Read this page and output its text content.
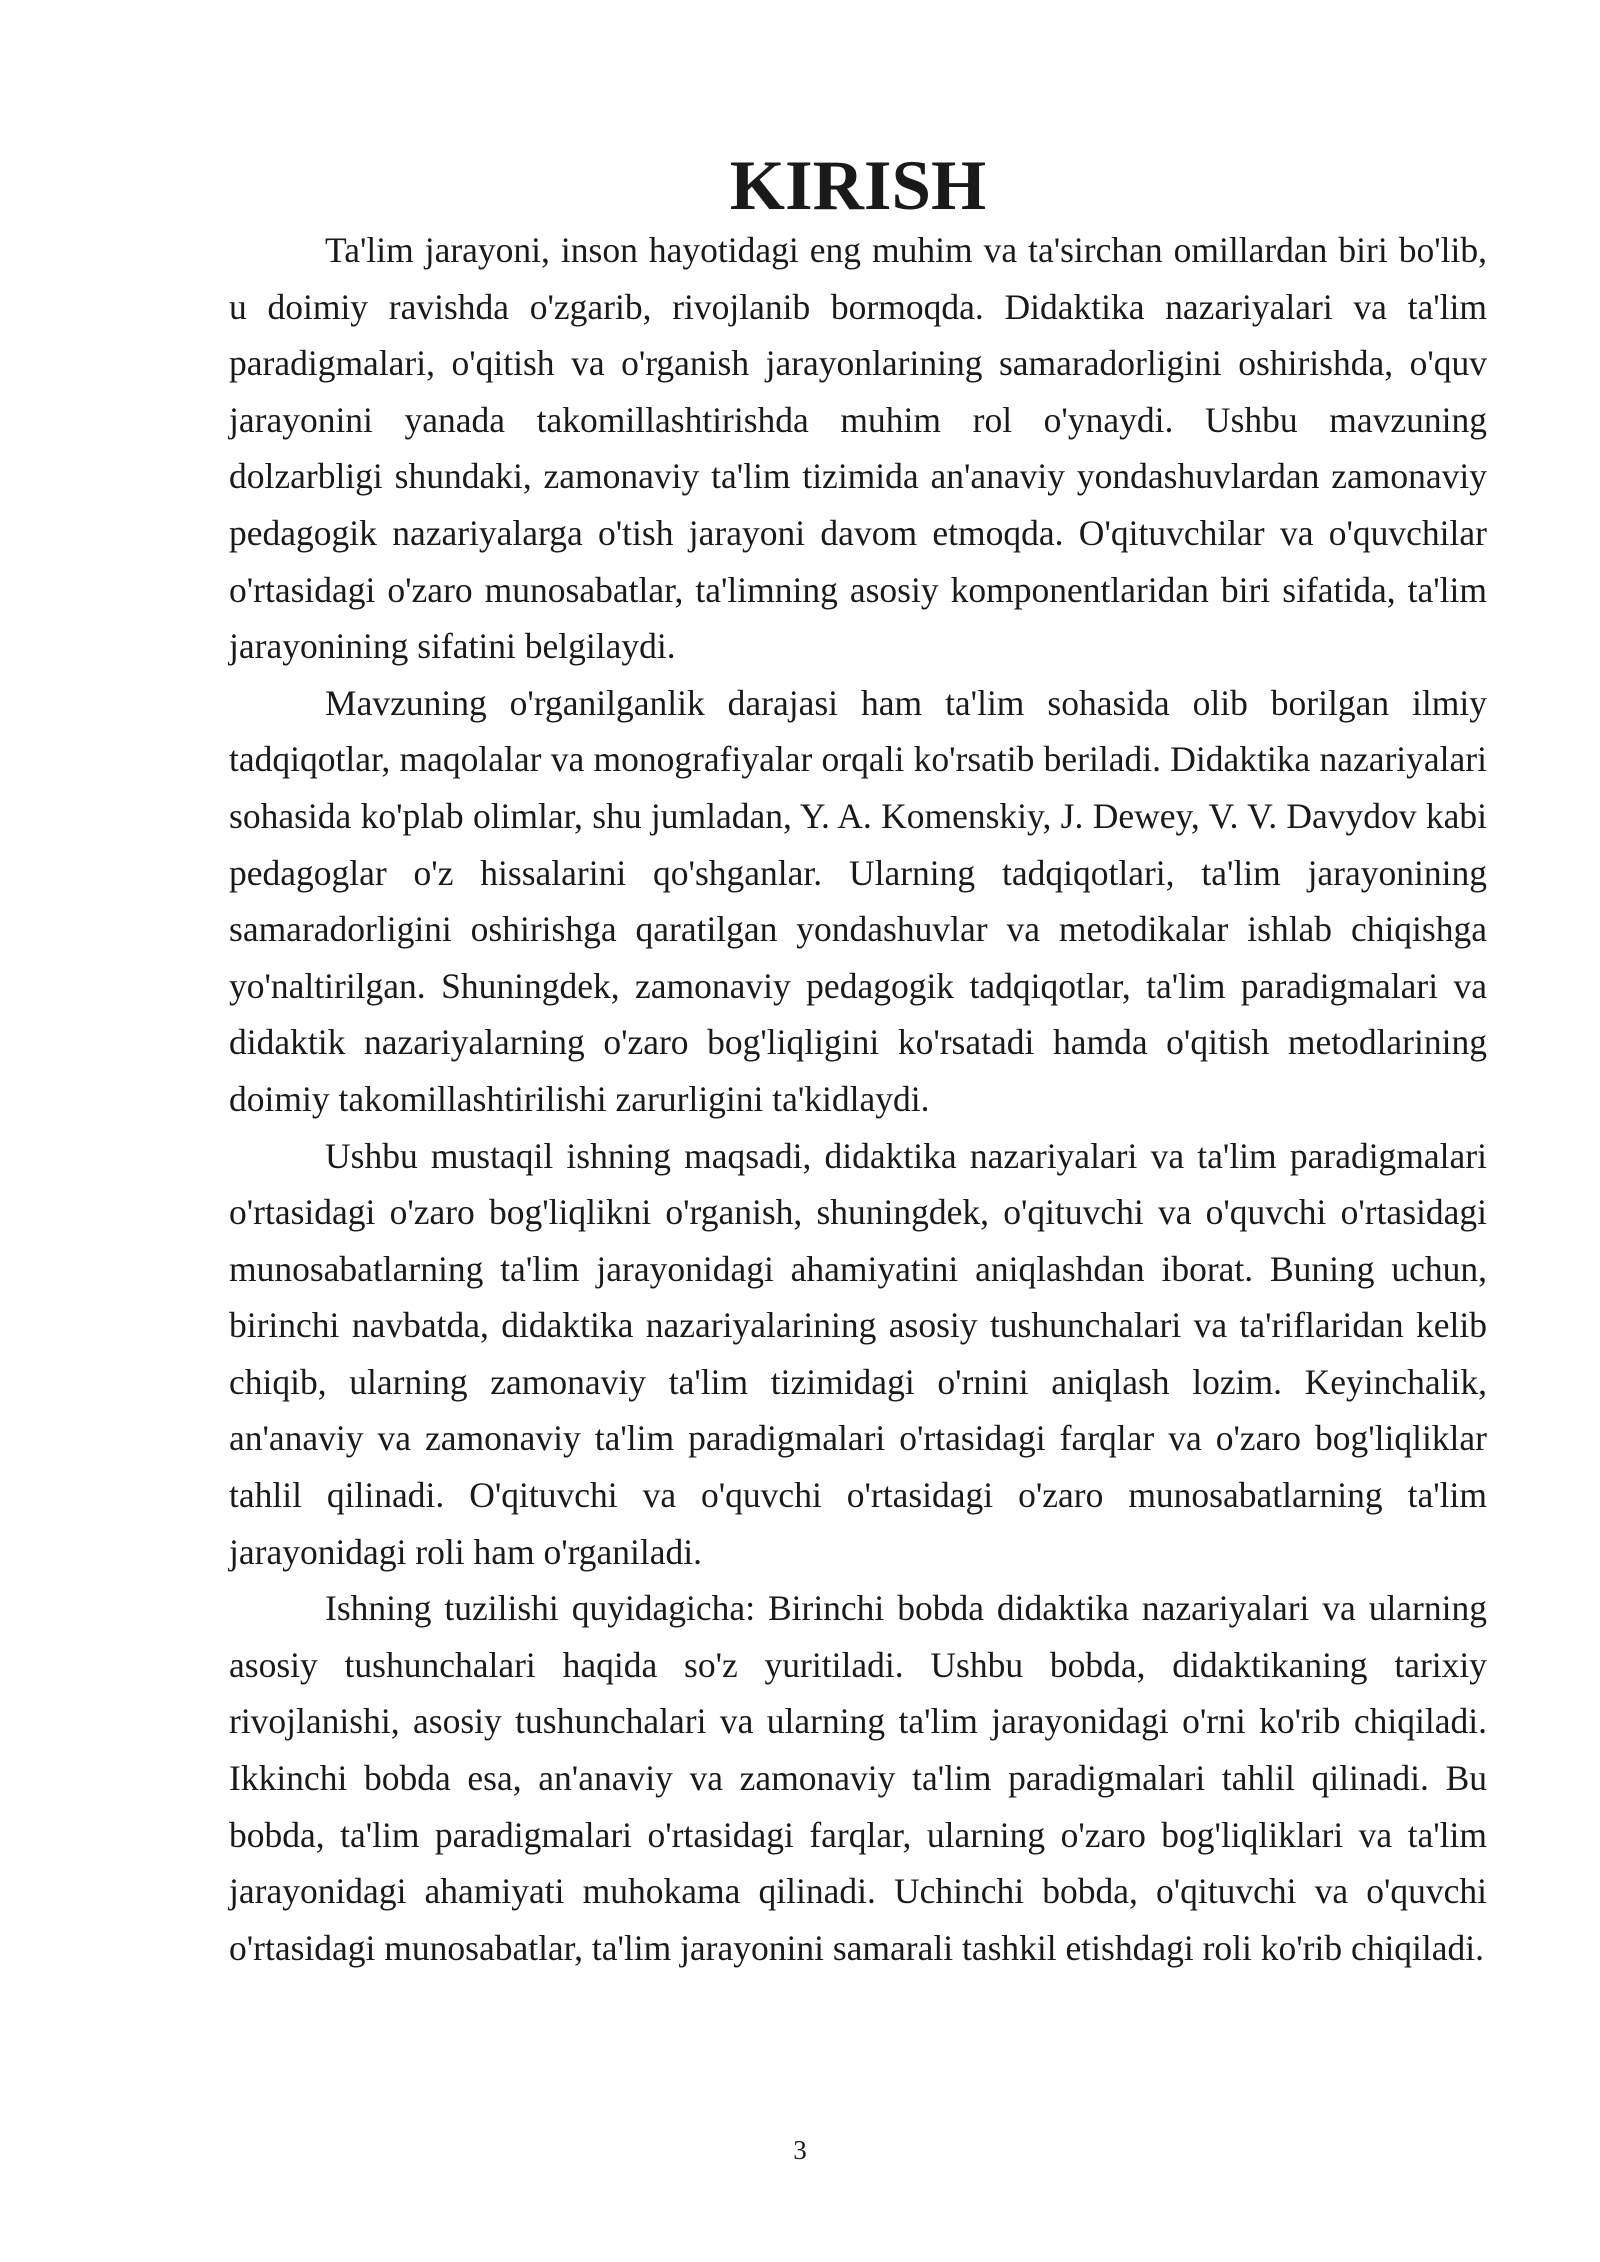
KIRISH

Ta'lim jarayoni, inson hayotidagi eng muhim va ta'sirchan omillardan biri bo'lib, u doimiy ravishda o'zgarib, rivojlanib bormoqda. Didaktika nazariyalari va ta'lim paradigmalari, o'qitish va o'rganish jarayonlarining samaradorligini oshirishda, o'quv jarayonini yanada takomillashtirishda muhim rol o'ynaydi. Ushbu mavzuning dolzarbligi shundaki, zamonaviy ta'lim tizimida an'anaviy yondashuvlardan zamonaviy pedagogik nazariyalarga o'tish jarayoni davom etmoqda. O'qituvchilar va o'quvchilar o'rtasidagi o'zaro munosabatlar, ta'limning asosiy komponentlaridan biri sifatida, ta'lim jarayonining sifatini belgilaydi.

Mavzuning o'rganilganlik darajasi ham ta'lim sohasida olib borilgan ilmiy tadqiqotlar, maqolalar va monografiyalar orqali ko'rsatib beriladi. Didaktika nazariyalari sohasida ko'plab olimlar, shu jumladan, Y. A. Komenskiy, J. Dewey, V. V. Davydov kabi pedagoglar o'z hissalarini qo'shganlar. Ularning tadqiqotlari, ta'lim jarayonining samaradorligini oshirishga qaratilgan yondashuvlar va metodikalar ishlab chiqishga yo'naltirilgan. Shuningdek, zamonaviy pedagogik tadqiqotlar, ta'lim paradigmalari va didaktik nazariyalarning o'zaro bog'liqligini ko'rsatadi hamda o'qitish metodlarining doimiy takomillashtirilishi zarurligini ta'kidlaydi.

Ushbu mustaqil ishning maqsadi, didaktika nazariyalari va ta'lim paradigmalari o'rtasidagi o'zaro bog'liqlikni o'rganish, shuningdek, o'qituvchi va o'quvchi o'rtasidagi munosabatlarning ta'lim jarayonidagi ahamiyatini aniqlashdan iborat. Buning uchun, birinchi navbatda, didaktika nazariyalarining asosiy tushunchalari va ta'riflaridan kelib chiqib, ularning zamonaviy ta'lim tizimidagi o'rnini aniqlash lozim. Keyinchalik, an'anaviy va zamonaviy ta'lim paradigmalari o'rtasidagi farqlar va o'zaro bog'liqliklar tahlil qilinadi. O'qituvchi va o'quvchi o'rtasidagi o'zaro munosabatlarning ta'lim jarayonidagi roli ham o'rganiladi.

Ishning tuzilishi quyidagicha: Birinchi bobda didaktika nazariyalari va ularning asosiy tushunchalari haqida so'z yuritiladi. Ushbu bobda, didaktikaning tarixiy rivojlanishi, asosiy tushunchalari va ularning ta'lim jarayonidagi o'rni ko'rib chiqiladi. Ikkinchi bobda esa, an'anaviy va zamonaviy ta'lim paradigmalari tahlil qilinadi. Bu bobda, ta'lim paradigmalari o'rtasidagi farqlar, ularning o'zaro bog'liqliklari va ta'lim jarayonidagi ahamiyati muhokama qilinadi. Uchinchi bobda, o'qituvchi va o'quvchi o'rtasidagi munosabatlar, ta'lim jarayonini samarali tashkil etishdagi roli ko'rib chiqiladi.

3
